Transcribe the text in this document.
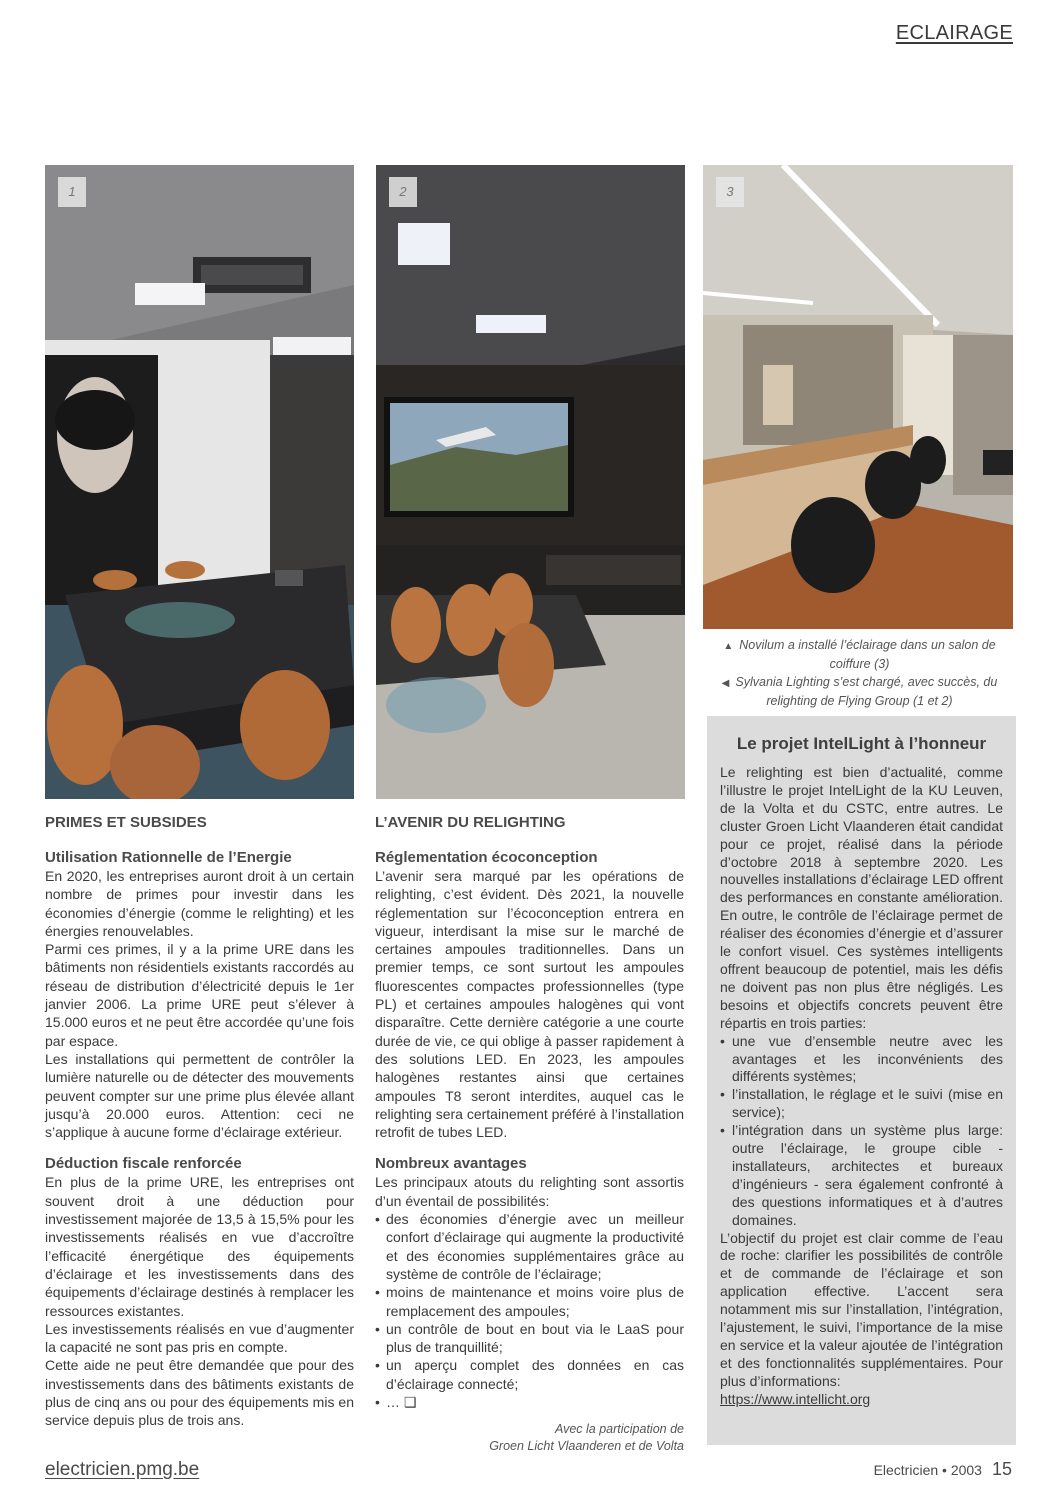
ECLAIRAGE
1	2	3
▲ Novilum a installé l’éclairage dans un salon de coiffure (3)
◀ Sylvania Lighting s’est chargé, avec succès, du relighting de Flying Group (1 et 2)
PRIMES ET SUBSIDES
Utilisation Rationnelle de l’Energie

En 2020, les entreprises auront droit à un certain nombre de primes pour investir dans les économies d’énergie (comme le relighting) et les énergies renouvelables.

Parmi ces primes, il y a la prime URE dans les bâtiments non résidentiels existants raccordés au réseau de distribution d’électricité depuis le 1er janvier 2006. La prime URE peut s’élever à 15.000 euros et ne peut être accordée qu’une fois par espace.

Les installations qui permettent de contrôler la lumière naturelle ou de détecter des mouvements peuvent compter sur une prime plus élevée allant jusqu’à 20.000 euros. Attention: ceci ne s’applique à aucune forme d’éclairage extérieur.

Déduction fiscale renforcée

En plus de la prime URE, les entreprises ont souvent droit à une déduction pour investissement majorée de 13,5 à 15,5% pour les investissements réalisés en vue d’accroître l’efficacité énergétique des équipements d’éclairage et les investissements dans des équipements d’éclairage destinés à remplacer les ressources existantes.

Les investissements réalisés en vue d’augmenter la capacité ne sont pas pris en compte.

Cette aide ne peut être demandée que pour des investissements dans des bâtiments existants de plus de cinq ans ou pour des équipements mis en service depuis plus de trois ans.

L’AVENIR DU RELIGHTING
Réglementation écoconception

L’avenir sera marqué par les opérations de relighting, c’est évident. Dès 2021, la nouvelle réglementation sur l’écoconception entrera en vigueur, interdisant la mise sur le marché de certaines ampoules traditionnelles. Dans un premier temps, ce sont surtout les ampoules fluorescentes compactes professionnelles (type PL) et certaines ampoules halogènes qui vont disparaître. Cette dernière catégorie a une courte durée de vie, ce qui oblige à passer rapidement à des solutions LED. En 2023, les ampoules halogènes restantes ainsi que certaines ampoules T8 seront interdites, auquel cas le relighting sera certainement préféré à l’installation retrofit de tubes LED.

Nombreux avantages

Les principaux atouts du relighting sont assortis d’un éventail de possibilités:

• des économies d’énergie avec un meilleur confort d’éclairage qui augmente la productivité et des économies supplémentaires grâce au système de contrôle de l’éclairage;
• moins de maintenance et moins voire plus de remplacement des ampoules;
• un contrôle de bout en bout via le LaaS pour plus de tranquillité;
• un aperçu complet des données en cas d’éclairage connecté;
• … ❑
Avec la participation de
Groen Licht Vlaanderen et de Volta
Le projet IntelLight à l’honneur

Le relighting est bien d’actualité, comme l’illustre le projet IntelLight de la KU Leuven, de la Volta et du CSTC, entre autres. Le cluster Groen Licht Vlaanderen était candidat pour ce projet, réalisé dans la période d’octobre 2018 à septembre 2020. Les nouvelles installations d’éclairage LED offrent des performances en constante amélioration. En outre, le contrôle de l’éclairage permet de réaliser des économies d’énergie et d’assurer le confort visuel. Ces systèmes intelligents offrent beaucoup de potentiel, mais les défis ne doivent pas non plus être négligés. Les besoins et objectifs concrets peuvent être répartis en trois parties:

• une vue d’ensemble neutre avec les avantages et les inconvénients des différents systèmes;
• l’installation, le réglage et le suivi (mise en service);
• l’intégration dans un système plus large: outre l’éclairage, le groupe cible - installateurs, architectes et bureaux d’ingénieurs - sera également confronté à des questions informatiques et à d’autres domaines.

L’objectif du projet est clair comme de l’eau de roche: clarifier les possibilités de contrôle et de commande de l’éclairage et son application effective. L’accent sera notamment mis sur l’installation, l’intégration, l’ajustement, le suivi, l’importance de la mise en service et la valeur ajoutée de l’intégration et des fonctionnalités supplémentaires. Pour plus d’informations:

https://www.intellicht.org

electricien.pmg.be	Electricien • 2003 15
